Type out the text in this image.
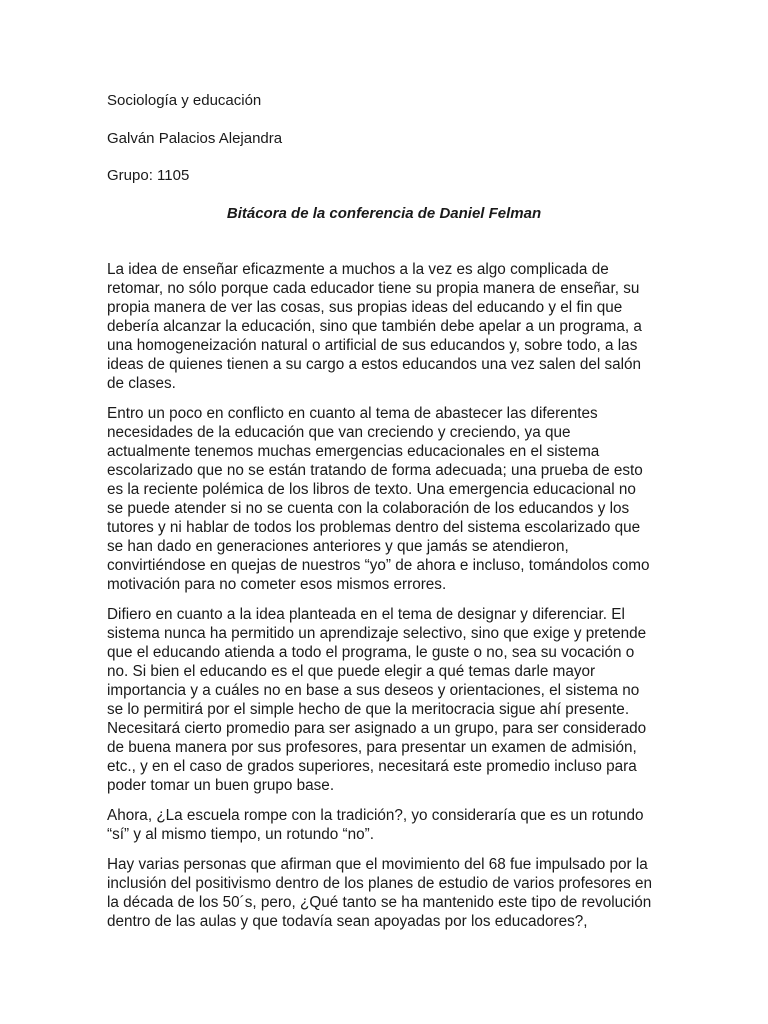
Sociología y educación

Galván Palacios Alejandra

Grupo: 1105

Bitácora de la conferencia de Daniel Felman

La idea de enseñar eficazmente a muchos a la vez es algo complicada de
retomar, no sólo porque cada educador tiene su propia manera de enseñar, su
propia manera de ver las cosas, sus propias ideas del educando y el fin que
debería alcanzar la educación, sino que también debe apelar a un programa, a
una homogeneización natural o artificial de sus educandos y, sobre todo, a las
ideas de quienes tienen a su cargo a estos educandos una vez salen del salón
de clases.

Entro un poco en conflicto en cuanto al tema de abastecer las diferentes
necesidades de la educación que van creciendo y creciendo, ya que
actualmente tenemos muchas emergencias educacionales en el sistema
escolarizado que no se están tratando de forma adecuada; una prueba de esto
es la reciente polémica de los libros de texto. Una emergencia educacional no
se puede atender si no se cuenta con la colaboración de los educandos y los
tutores y ni hablar de todos los problemas dentro del sistema escolarizado que
se han dado en generaciones anteriores y que jamás se atendieron,
convirtiéndose en quejas de nuestros “yo” de ahora e incluso, tomándolos como
motivación para no cometer esos mismos errores.

Difiero en cuanto a la idea planteada en el tema de designar y diferenciar. El
sistema nunca ha permitido un aprendizaje selectivo, sino que exige y pretende
que el educando atienda a todo el programa, le guste o no, sea su vocación o
no. Si bien el educando es el que puede elegir a qué temas darle mayor
importancia y a cuáles no en base a sus deseos y orientaciones, el sistema no
se lo permitirá por el simple hecho de que la meritocracia sigue ahí presente.
Necesitará cierto promedio para ser asignado a un grupo, para ser considerado
de buena manera por sus profesores, para presentar un examen de admisión,
etc., y en el caso de grados superiores, necesitará este promedio incluso para
poder tomar un buen grupo base.

Ahora, ¿La escuela rompe con la tradición?, yo consideraría que es un rotundo
“sí” y al mismo tiempo, un rotundo “no”.

Hay varias personas que afirman que el movimiento del 68 fue impulsado por la
inclusión del positivismo dentro de los planes de estudio de varios profesores en
la década de los 50´s, pero, ¿Qué tanto se ha mantenido este tipo de revolución
dentro de las aulas y que todavía sean apoyadas por los educadores?,
